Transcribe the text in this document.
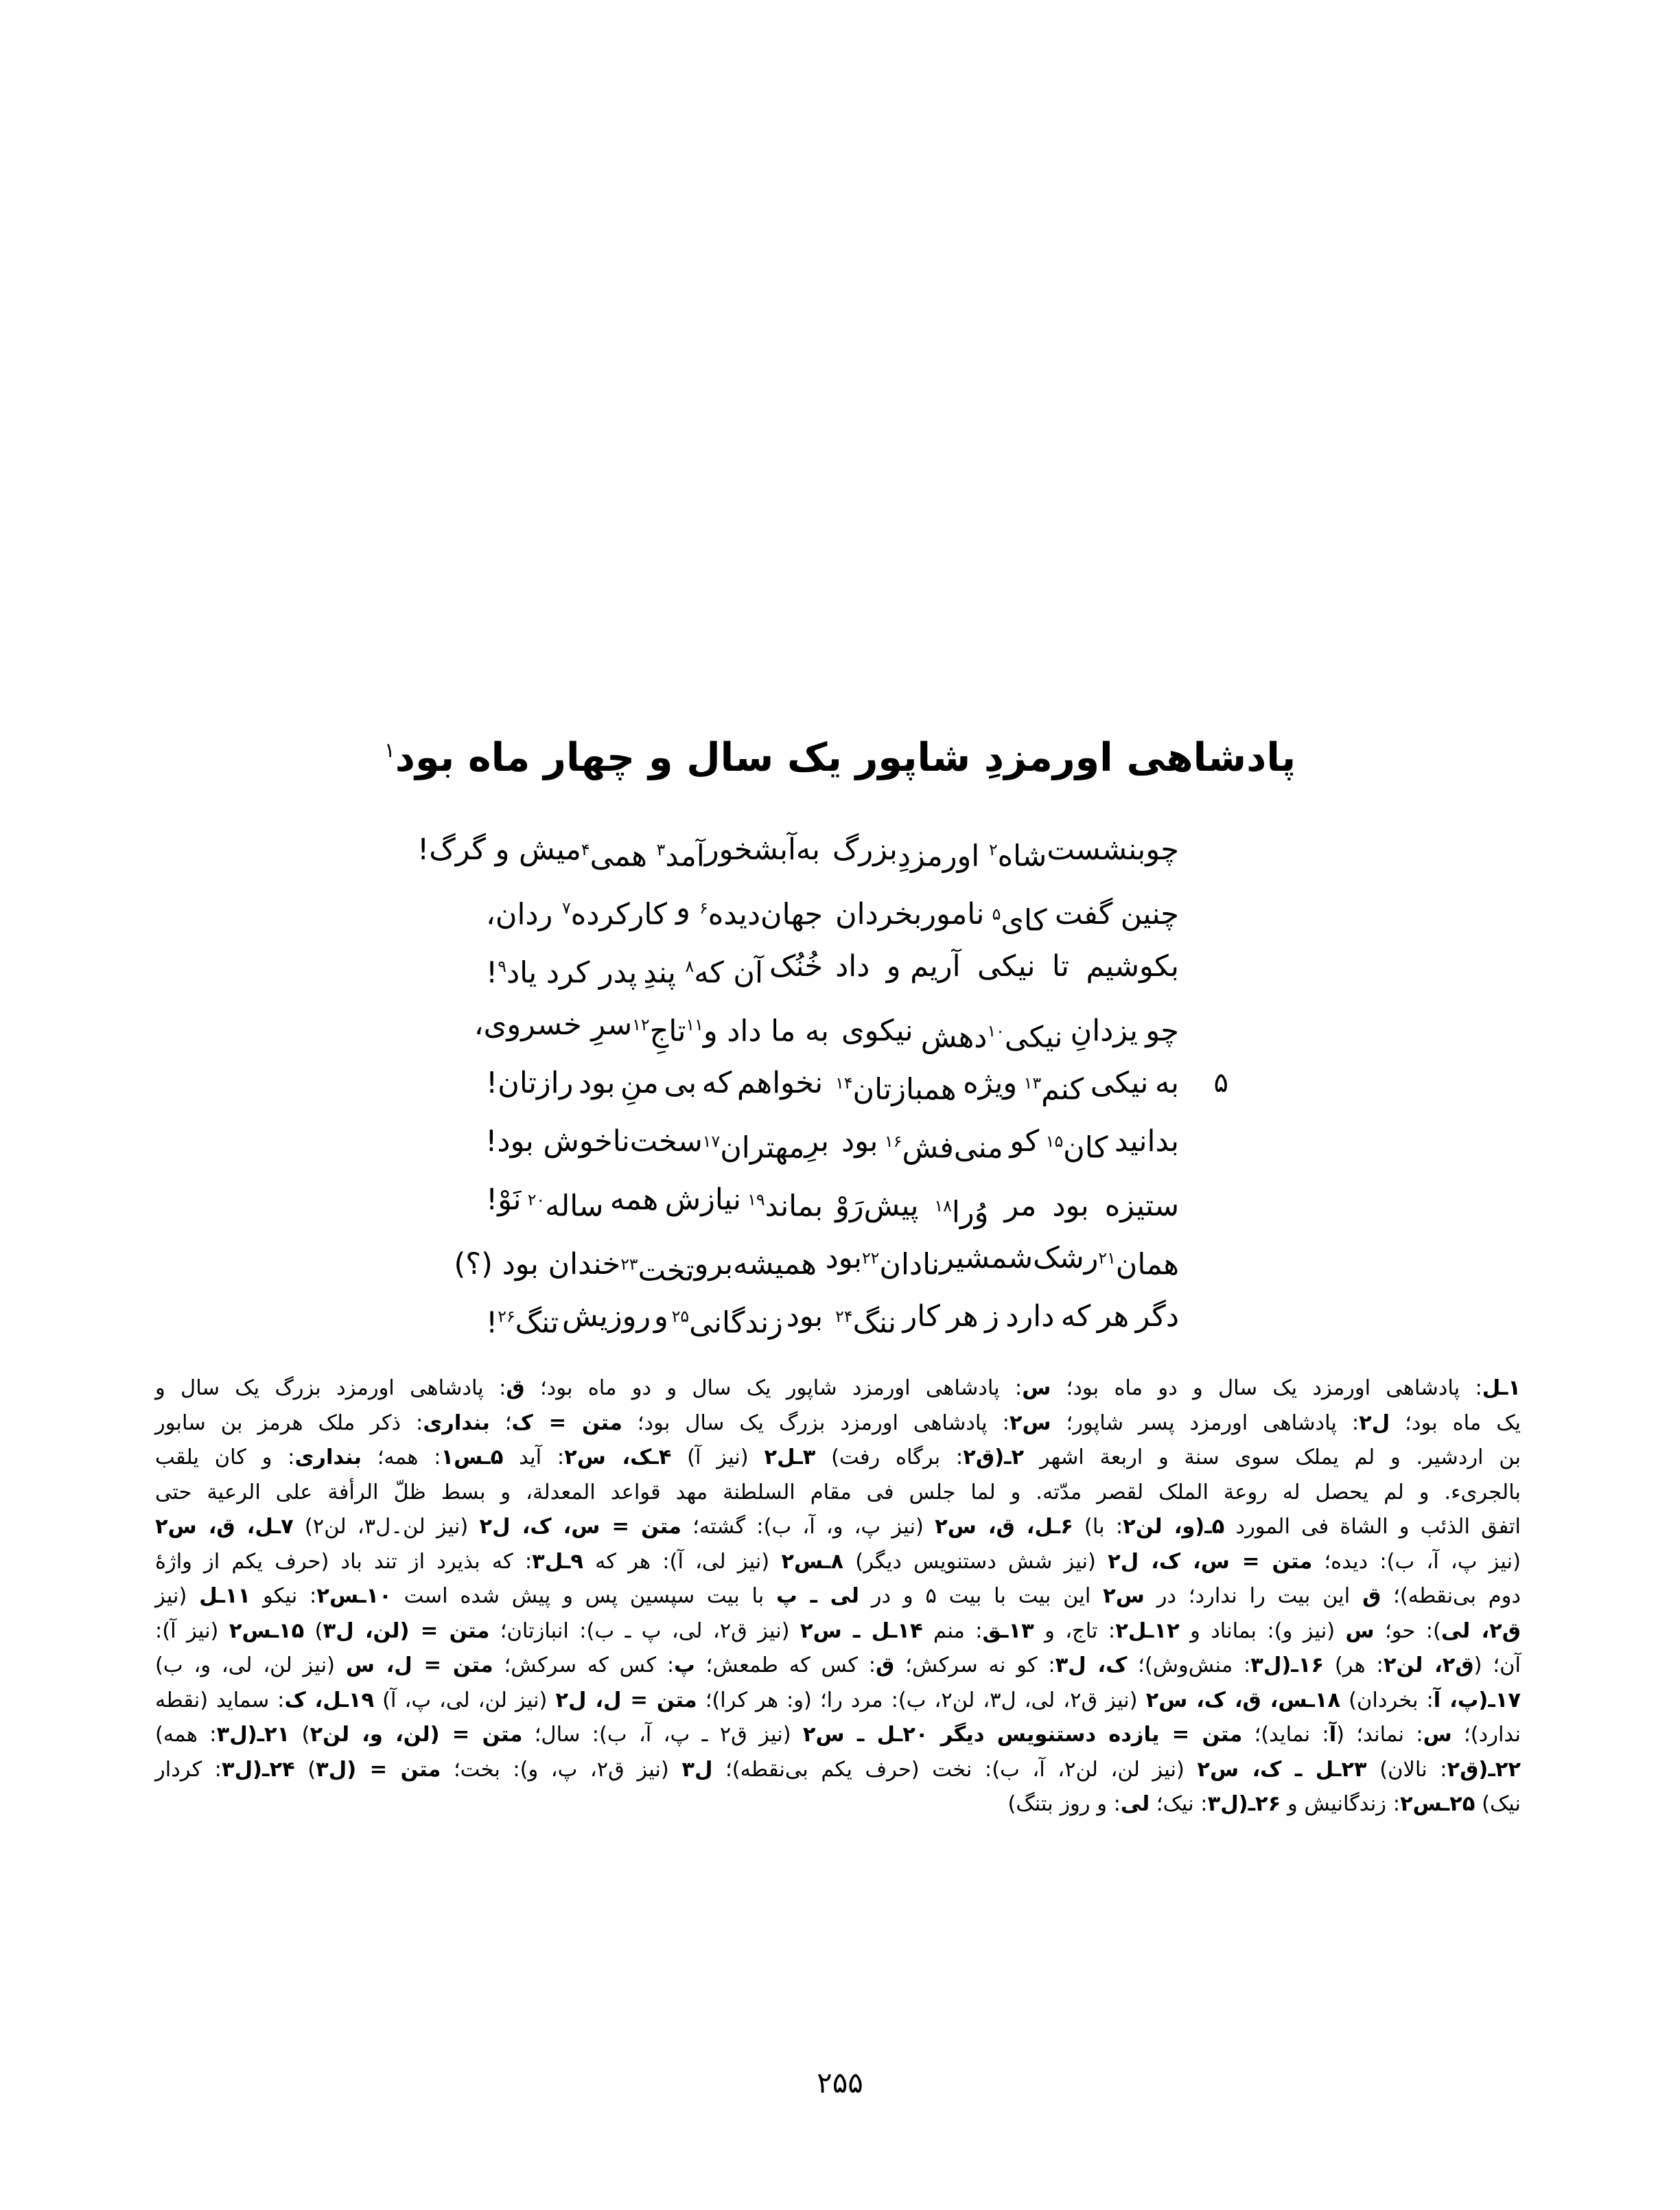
پادشاهی اورمزدِ شاپور یک سال و چهار ماه بود$^۱$
چو
بنشست
شاه$^۲$ اورمزدِ
بزرگ
به
آبشخور
آمد$^۳$ همی$^۴$
میش و گرگ!
چنین
گفت
کای$^۵$
ناموربخردان
جهان‌دیده$^۶$
و
کارکرده$^۷$ ردان،
بکوشیم
تا
نیکی
آریم و
داد
خُنُک
آن که$^۸$ پندِ
پدر کرد یاد$^۹$!
چو
یزدانِ
نیکی$^{۱۰}$دهش
نیکوی
به ما داد و$^{۱۱}$
تاجِ$^{۱۲}$
سرِ خسروی،
۵
به
نیکی
کنم$^{۱۳}$
ویژه
همبازتان$^{۱۴}$
نخواهم
که
بی
منِ
بود
رازتان!
بدانید
کان$^{۱۵}$
کو
منی‌فش$^{۱۶}$
بود
برِ
مهتران$^{۱۷}$
سخت
ناخوش بود!
ستیزه
بود
مر
وُرا$^{۱۸}$
پیش‌رَوْ
بماند$^{۱۹}$
نیازش
همه
ساله$^{۲۰}$
نَوْ!
همان$^{۲۱}$
رشک
شمشیر
نادان$^{۲۲}$
بود
همیشه
برو
تخت$^{۲۳}$
خندان بود (؟)
دگر
هر
که
دارد
ز
هر
کار
ننگ$^{۲۴}$
بود
زندگانی$^{۲۵}$
و
روزیش
تنگ$^{۲۶}$!

۱ـل: پادشاهی اورمزد یک سال و دو ماه بود؛ س: پادشاهی اورمزد شاپور یک سال و دو ماه بود؛ ق: پادشاهی اورمزد بزرگ یک سال و

یک ماه بود؛ ل۲: پادشاهی اورمزد پسر شاپور؛ س۲: پادشاهی اورمزد بزرگ یک سال بود؛ متن = ک؛ بنداری: ذکر ملک هرمز بن سابور

بن اردشیر. و لم یملک سوی سنة و اربعة اشهر ۲ـ(ق۲: برگاه رفت) ۳ـل۲ (نیز آ) ۴ـک، س۲: آید ۵ـس۱: همه؛ بنداری: و كان يلقب

بالجری‌ء. و لم یحصل له روعة الملک لقصر مدّته. و لما جلس فی مقام السلطنة مهد قواعد المعدلة، و بسط ظلّ الرأفة علی الرعیة حتی

اتفق الذئب و الشاة فی المورد ۵ـ(و، لن۲: با) ۶ـل، ق، س۲ (نیز پ، و، آ، ب): گشته؛ متن = س، ک، ل۲ (نیز لن۔ل۳، لن۲) ۷ـل، ق، س۲

(نیز پ، آ، ب): دیده؛ متن = س، ک، ل۲ (نیز شش دستنویس دیگر) ۸ـس۲ (نیز لی، آ): هر که ۹ـل۳: که بذیرد از تند باد (حرف یکم از واژهٔ

دوم بی‌نقطه)؛ ق این بیت را ندارد؛ در س۲ این بیت با بیت ۵ و در لی ـ پ با بیت سپسین پس و پیش شده است ۱۰ـس۲: نیکو ۱۱ـل (نیز

ق۲، لی): حو؛ س (نیز و): بماناد و ۱۲ـل۲: تاج، و ۱۳ـق: منم ۱۴ـل ـ س۲ (نیز ق۲، لی، پ ـ ب): انبازتان؛ متن = (لن، ل۳) ۱۵ـس۲ (نیز آ):

آن؛ (ق۲، لن۲: هر) ۱۶ـ(ل۳: منش‌وش)؛ ک، ل۳: کو نه سرکش؛ ق: کس که طمعش؛ پ: کس که سرکش؛ متن = ل، س (نیز لن، لی، و، ب)

۱۷ـ(پ، آ: بخردان) ۱۸ـس، ق، ک، س۲ (نیز ق۲، لی، ل۳، لن۲، ب): مرد را؛ (و: هر کرا)؛ متن = ل، ل۲ (نیز لن، لی، پ، آ) ۱۹ـل، ک: سماید (نقطه

ندارد)؛ س: نماند؛ (آ: نماید)؛ متن = یازده دستنویس دیگر ۲۰ـل ـ س۲ (نیز ق۲ ـ پ، آ، ب): سال؛ متن = (لن، و، لن۲) ۲۱ـ(ل۳: همه)

۲۲ـ(ق۲: نالان) ۲۳ـل ـ ک، س۲ (نیز لن، لن۲، آ، ب): نخت (حرف یکم بی‌نقطه)؛ ل۳ (نیز ق۲، پ، و): بخت؛ متن = (ل۳) ۲۴ـ(ل۳: کردار

نیک) ۲۵ـس۲: زندگانیش و ۲۶ـ(ل۳: نیک؛ لی: و روز بتنگ)

۲۵۵
